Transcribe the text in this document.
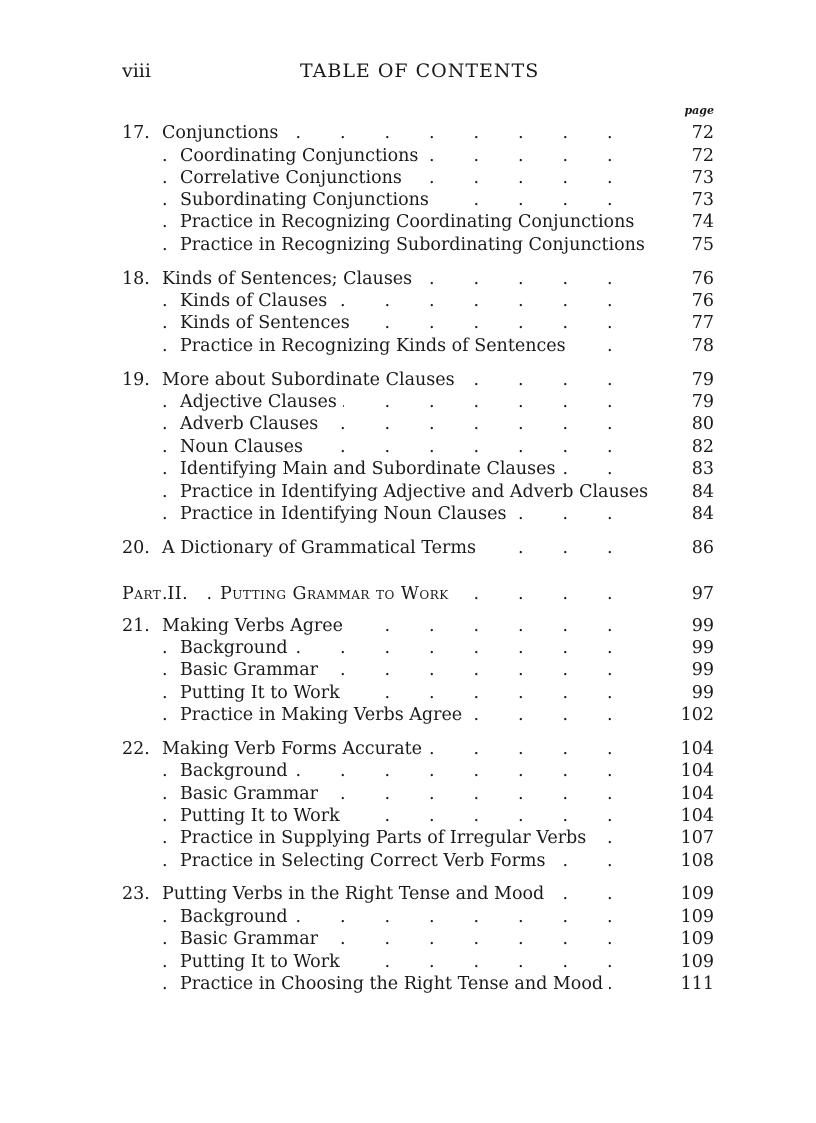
viii	TABLE OF CONTENTS
page
17. Conjunctions .	72
Coordinating Conjunctions .	72
Correlative Conjunctions .	73
Subordinating Conjunctions .	73
Practice in Recognizing Coordinating Conjunctions .	74
Practice in Recognizing Subordinating Conjunctions .	75
18. Kinds of Sentences; Clauses .	76
Kinds of Clauses .	76
Kinds of Sentences .	77
Practice in Recognizing Kinds of Sentences .	78
19. More about Subordinate Clauses .	79
Adjective Clauses .	79
Adverb Clauses .	80
Noun Clauses .	82
Identifying Main and Subordinate Clauses .	83
Practice in Identifying Adjective and Adverb Clauses .	84
Practice in Identifying Noun Clauses .	84
20. A Dictionary of Grammatical Terms .	86
Part II. Putting Grammar to Work .	97
21. Making Verbs Agree .	99
Background .	99
Basic Grammar .	99
Putting It to Work .	99
Practice in Making Verbs Agree .	102
22. Making Verb Forms Accurate .	104
Background .	104
Basic Grammar .	104
Putting It to Work .	104
Practice in Supplying Parts of Irregular Verbs .	107
Practice in Selecting Correct Verb Forms .	108
23. Putting Verbs in the Right Tense and Mood .	109
Background .	109
Basic Grammar .	109
Putting It to Work .	109
Practice in Choosing the Right Tense and Mood .	111
